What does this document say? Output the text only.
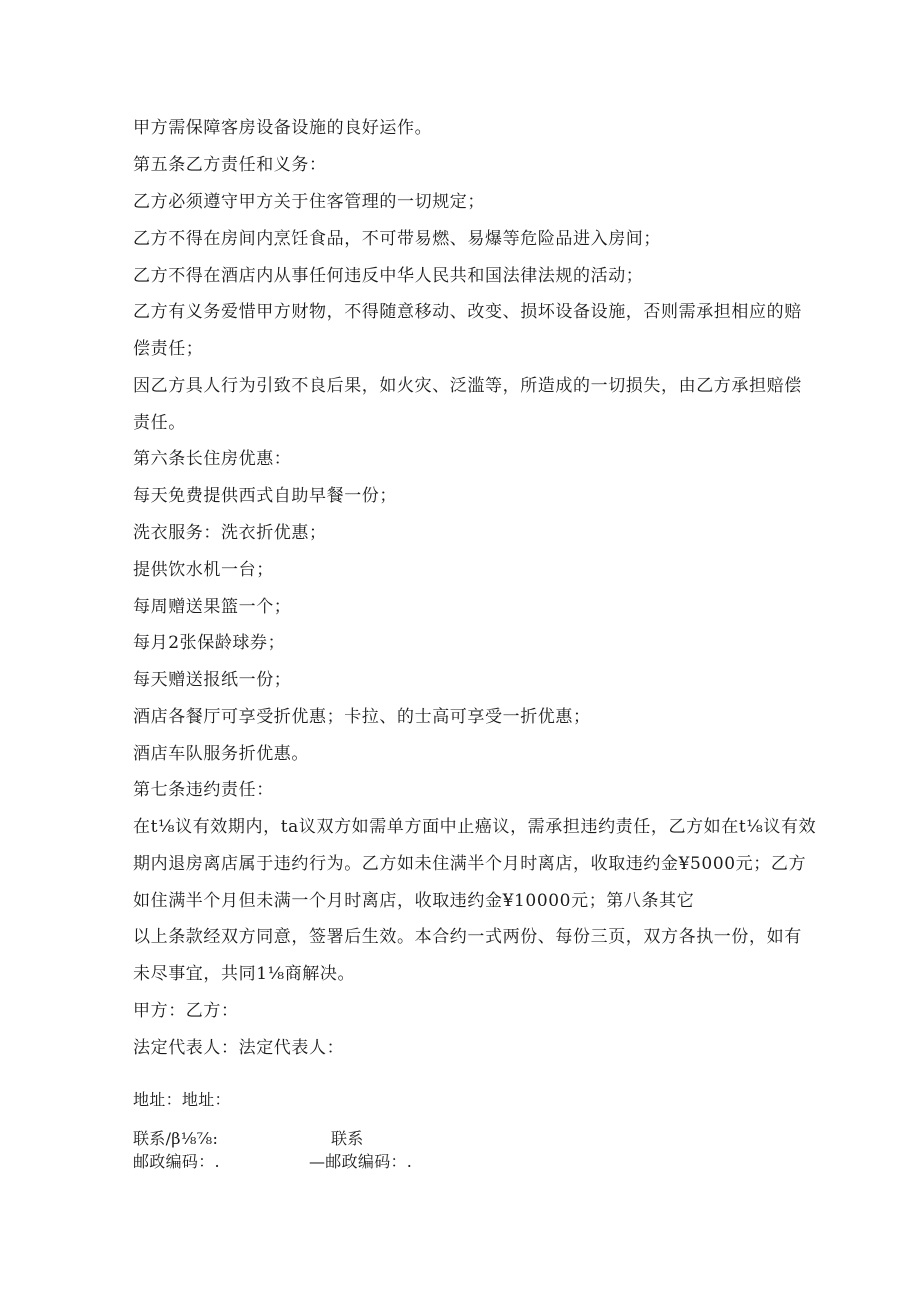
甲方需保障客房设备设施的良好运作。
第五条乙方责任和义务：
乙方必须遵守甲方关于住客管理的一切规定；
乙方不得在房间内烹饪食品，不可带易燃、易爆等危险品进入房间；
乙方不得在酒店内从事任何违反中华人民共和国法律法规的活动；
乙方有义务爱惜甲方财物，不得随意移动、改变、损坏设备设施，否则需承担相应的赔
偿责任；
因乙方具人行为引致不良后果，如火灾、泛滥等，所造成的一切损失，由乙方承担赔偿
责任。
第六条长住房优惠：
每天免费提供西式自助早餐一份；
洗衣服务：洗衣折优惠；
提供饮水机一台；
每周赠送果篮一个；
每月2张保龄球券；
每天赠送报纸一份；
酒店各餐厅可享受折优惠；卡拉、的士高可享受一折优惠；
酒店车队服务折优惠。
第七条违约责任：
在t⅛议有效期内，ta议双方如需单方面中止癌议，需承担违约责任，乙方如在t⅛议有效
期内退房离店属于违约行为。乙方如未住满半个月时离店，收取违约金¥5000元；乙方
如住满半个月但未满一个月时离店，收取违约金¥10000元；第八条其它
以上条款经双方同意，签署后生效。本合约一式两份、每份三页，双方各执一份，如有
未尽事宜，共同1⅛商解决。
甲方：乙方：
法定代表人：法定代表人：
地址：地址：
联系/β⅛⅞:	联系
邮政编码：.	—邮政编码：.
